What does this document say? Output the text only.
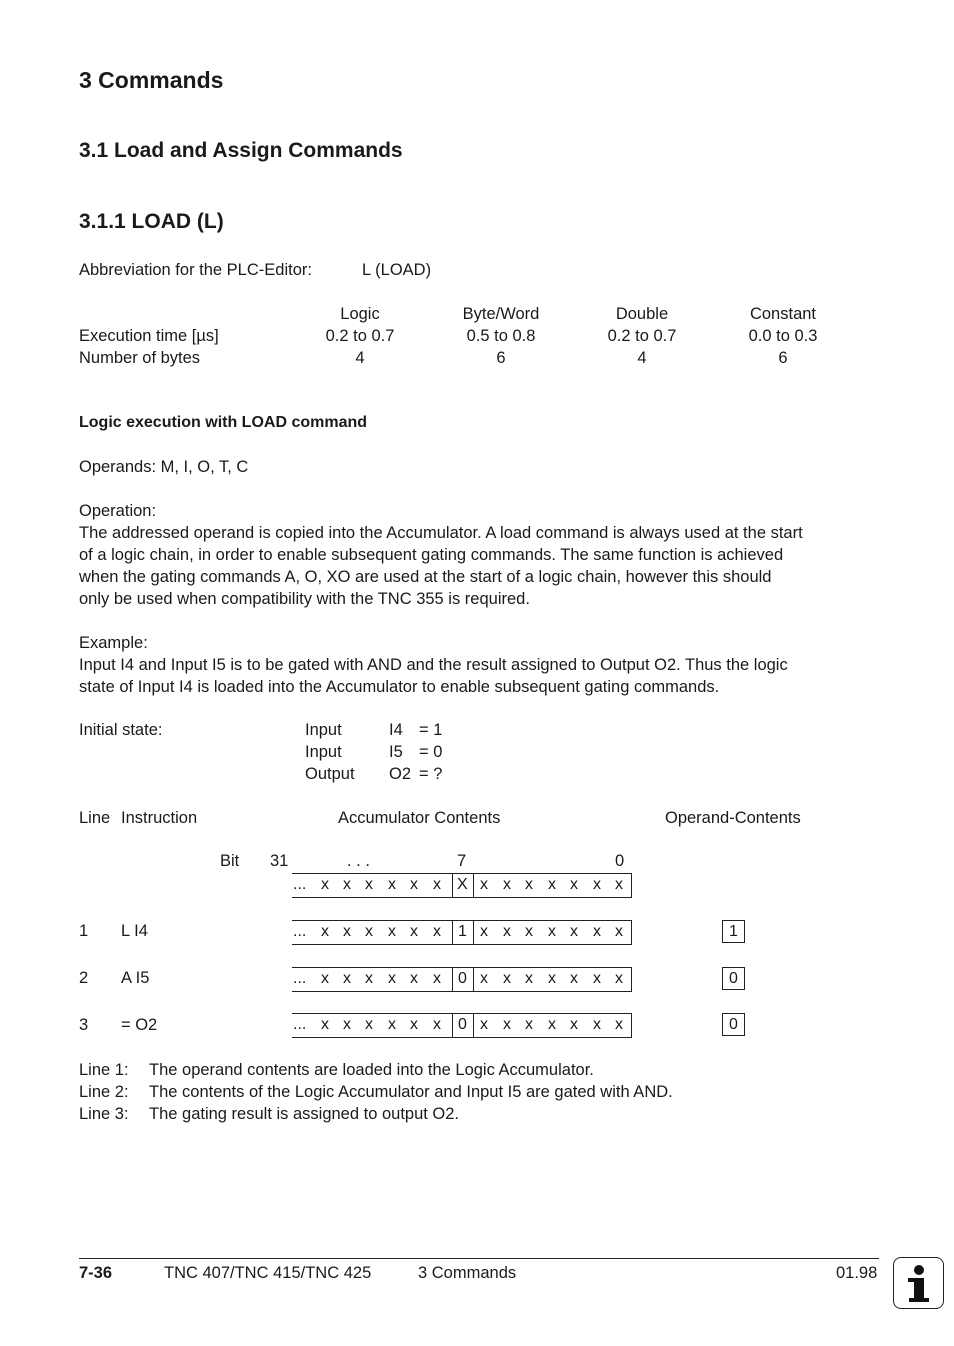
3 Commands
3.1 Load and Assign Commands
3.1.1 LOAD (L)
Abbreviation for the PLC-Editor:	L (LOAD)
Logic	Byte/Word	Double	Constant
Execution time [µs]	0.2 to 0.7	0.5 to 0.8	0.2 to 0.7	0.0 to 0.3
Number of bytes	4	6	4	6
Logic execution with LOAD command
Operands: M, I, O, T, C
Operation:
The addressed operand is copied into the Accumulator. A load command is always used at the start
of a logic chain, in order to enable subsequent gating commands. The same function is achieved
when the gating commands A, O, XO are used at the start of a logic chain, however this should
only be used when compatibility with the TNC 355 is required.
Example:
Input I4 and Input I5 is to be gated with AND and the result assigned to Output O2. Thus the logic
state of Input I4 is loaded into the Accumulator to enable subsequent gating commands.
Initial state:	Input	I4 = 1
Input	I5 = 0
Output O2 = ?
Line Instruction	Accumulator Contents	Operand-Contents
Bit 31	. . .	7	0
... x x x x x x X x x x x x x x
1 L I4	... x x x x x x 1 x x x x x x x	1
2 A I5	... x x x x x x 0 x x x x x x x	0
3 = O2	... x x x x x x 0 x x x x x x x	0
Line 1: The operand contents are loaded into the Logic Accumulator.
Line 2: The contents of the Logic Accumulator and Input I5 are gated with AND.
Line 3: The gating result is assigned to output O2.
7-36	TNC 407/TNC 415/TNC 425	3 Commands	01.98
